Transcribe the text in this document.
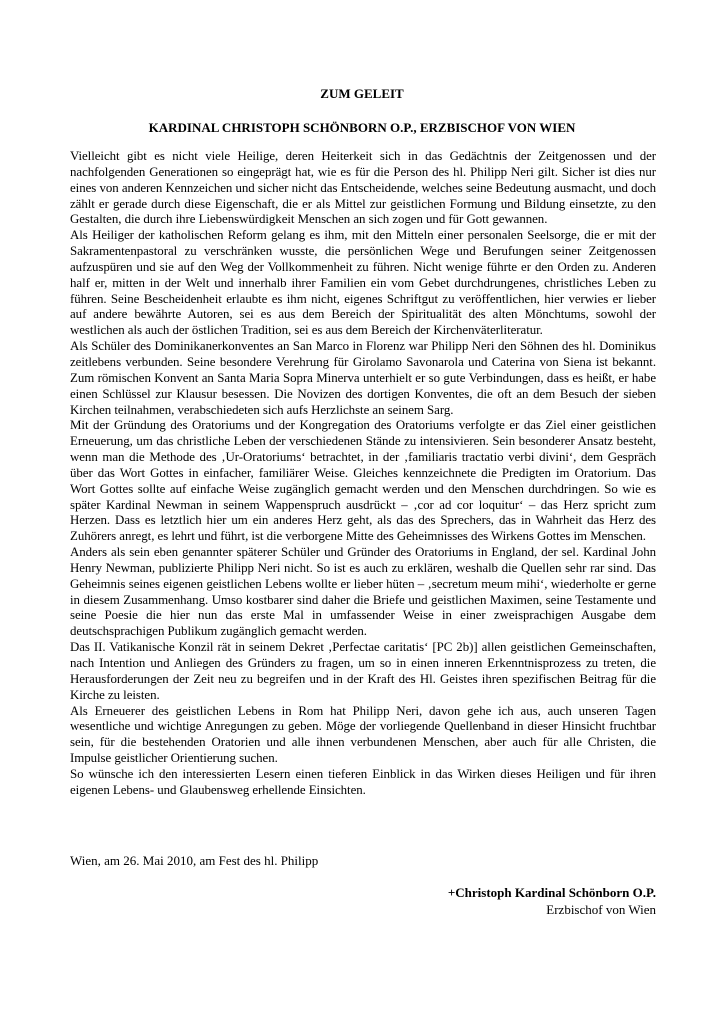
ZUM GELEIT
KARDINAL CHRISTOPH SCHÖNBORN O.P., ERZBISCHOF VON WIEN

Vielleicht gibt es nicht viele Heilige, deren Heiterkeit sich in das Gedächtnis der Zeitgenossen und der nachfolgenden Generationen so eingeprägt hat, wie es für die Person des hl. Philipp Neri gilt. Sicher ist dies nur eines von anderen Kennzeichen und sicher nicht das Entscheidende, welches seine Bedeutung ausmacht, und doch zählt er gerade durch diese Eigenschaft, die er als Mittel zur geistlichen Formung und Bildung einsetzte, zu den Gestalten, die durch ihre Liebenswürdigkeit Menschen an sich zogen und für Gott gewannen.

Als Heiliger der katholischen Reform gelang es ihm, mit den Mitteln einer personalen Seelsorge, die er mit der Sakramentenpastoral zu verschränken wusste, die persönlichen Wege und Berufungen seiner Zeitgenossen aufzuspüren und sie auf den Weg der Vollkommenheit zu führen. Nicht wenige führte er den Orden zu. Anderen half er, mitten in der Welt und innerhalb ihrer Familien ein vom Gebet durchdrungenes, christliches Leben zu führen. Seine Bescheidenheit erlaubte es ihm nicht, eigenes Schriftgut zu veröffentlichen, hier verwies er lieber auf andere bewährte Autoren, sei es aus dem Bereich der Spiritualität des alten Mönchtums, sowohl der westlichen als auch der östlichen Tradition, sei es aus dem Bereich der Kirchenväterliteratur.

Als Schüler des Dominikanerkonventes an San Marco in Florenz war Philipp Neri den Söhnen des hl. Dominikus zeitlebens verbunden. Seine besondere Verehrung für Girolamo Savonarola und Caterina von Siena ist bekannt. Zum römischen Konvent an Santa Maria Sopra Minerva unterhielt er so gute Verbindungen, dass es heißt, er habe einen Schlüssel zur Klausur besessen. Die Novizen des dortigen Konventes, die oft an dem Besuch der sieben Kirchen teilnahmen, verabschiedeten sich aufs Herzlichste an seinem Sarg.

Mit der Gründung des Oratoriums und der Kongregation des Oratoriums verfolgte er das Ziel einer geistlichen Erneuerung, um das christliche Leben der verschiedenen Stände zu intensivieren. Sein besonderer Ansatz besteht, wenn man die Methode des ‚Ur-Oratoriums‘ betrachtet, in der ‚familiaris tractatio verbi divini‘, dem Gespräch über das Wort Gottes in einfacher, familiärer Weise. Gleiches kennzeichnete die Predigten im Oratorium. Das Wort Gottes sollte auf einfache Weise zugänglich gemacht werden und den Menschen durchdringen. So wie es später Kardinal Newman in seinem Wappenspruch ausdrückt – ‚cor ad cor loquitur‘ – das Herz spricht zum Herzen. Dass es letztlich hier um ein anderes Herz geht, als das des Sprechers, das in Wahrheit das Herz des Zuhörers anregt, es lehrt und führt, ist die verborgene Mitte des Geheimnisses des Wirkens Gottes im Menschen.

Anders als sein eben genannter späterer Schüler und Gründer des Oratoriums in England, der sel. Kardinal John Henry Newman, publizierte Philipp Neri nicht. So ist es auch zu erklären, weshalb die Quellen sehr rar sind. Das Geheimnis seines eigenen geistlichen Lebens wollte er lieber hüten – ‚secretum meum mihi‘, wiederholte er gerne in diesem Zusammenhang. Umso kostbarer sind daher die Briefe und geistlichen Maximen, seine Testamente und seine Poesie die hier nun das erste Mal in umfassender Weise in einer zweisprachigen Ausgabe dem deutschsprachigen Publikum zugänglich gemacht werden.

Das II. Vatikanische Konzil rät in seinem Dekret ‚Perfectae caritatis‘ [PC 2b)] allen geistlichen Gemeinschaften, nach Intention und Anliegen des Gründers zu fragen, um so in einen inneren Erkenntnisprozess zu treten, die Herausforderungen der Zeit neu zu begreifen und in der Kraft des Hl. Geistes ihren spezifischen Beitrag für die Kirche zu leisten.

Als Erneuerer des geistlichen Lebens in Rom hat Philipp Neri, davon gehe ich aus, auch unseren Tagen wesentliche und wichtige Anregungen zu geben. Möge der vorliegende Quellenband in dieser Hinsicht fruchtbar sein, für die bestehenden Oratorien und alle ihnen verbundenen Menschen, aber auch für alle Christen, die Impulse geistlicher Orientierung suchen.

So wünsche ich den interessierten Lesern einen tieferen Einblick in das Wirken dieses Heiligen und für ihren eigenen Lebens- und Glaubensweg erhellende Einsichten.

Wien, am 26. Mai 2010, am Fest des hl. Philipp

+Christoph Kardinal Schönborn O.P.

Erzbischof von Wien
